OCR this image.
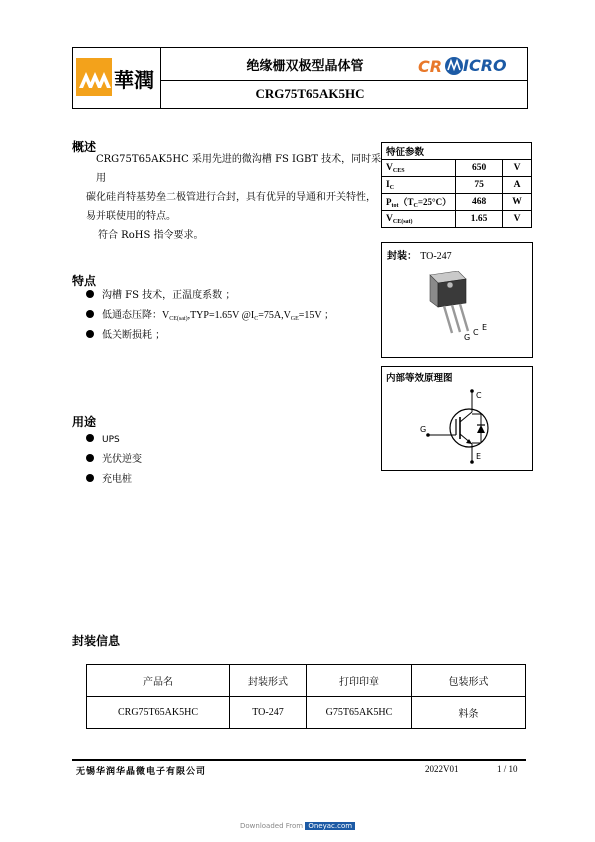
華潤
绝缘栅双极型晶体管
CRG75T65AK5HC
CR ICRO
概述
CRG75T65AK5HC 采用先进的微沟槽 FS IGBT 技术，同时采用
碳化硅肖特基势垒二极管进行合封，具有优异的导通和开关特性，
易并联使用的特点。
符合 RoHS 指令要求。
特征参数		
$V_{CES}$	650	V
$I_C$	75	A
$P_{tot}(T_C=25^\circ C)$	468	W
$V_{CE(sat)}$	1.65	V
封装： TO-247
G
C
E
内部等效原理图
C
G
E
特点
沟槽 FS 技术，正温度系数 ；
低通态压降：$V_{CE(sat)},TYP=1.65V$ $@I_C=75A,V_{GE}=15V$ ；
低关断损耗 ；
用途
UPS
光伏逆变
充电桩
封装信息
产品名	封装形式	打印印章	包装形式
CRG75T65AK5HC	TO-247	G75T65AK5HC	料条
无锡华润华晶微电子有限公司	2022V01	1 / 10
Downloaded From Oneyac.com
